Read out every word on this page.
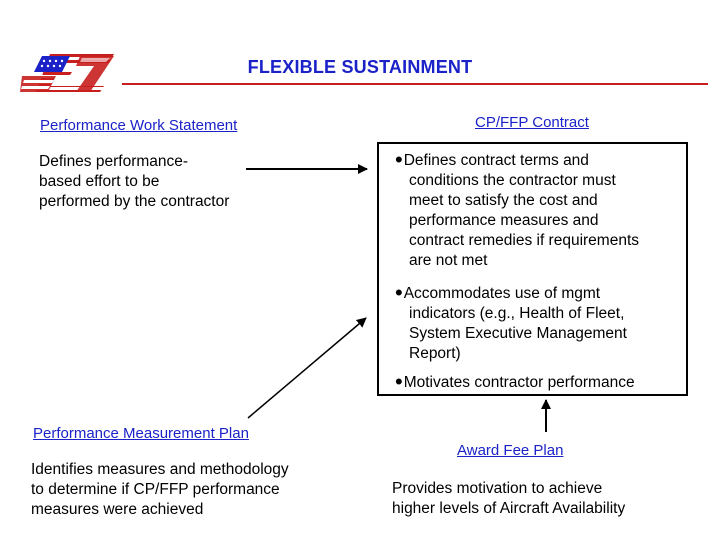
FLEXIBLE SUSTAINMENT
Performance Work Statement
Defines performance-
based effort to be
performed by the contractor
CP/FFP Contract
•Defines contract terms and
conditions the contractor must
meet to satisfy the cost and
performance measures and
contract remedies if requirements
are not met
•Accommodates use of mgmt
indicators (e.g., Health of Fleet,
System Executive Management
Report)
•Motivates contractor performance
Performance Measurement Plan
Identifies measures and methodology
to determine if CP/FFP performance
measures were achieved
Award Fee Plan
Provides motivation to achieve
higher levels of Aircraft Availability
